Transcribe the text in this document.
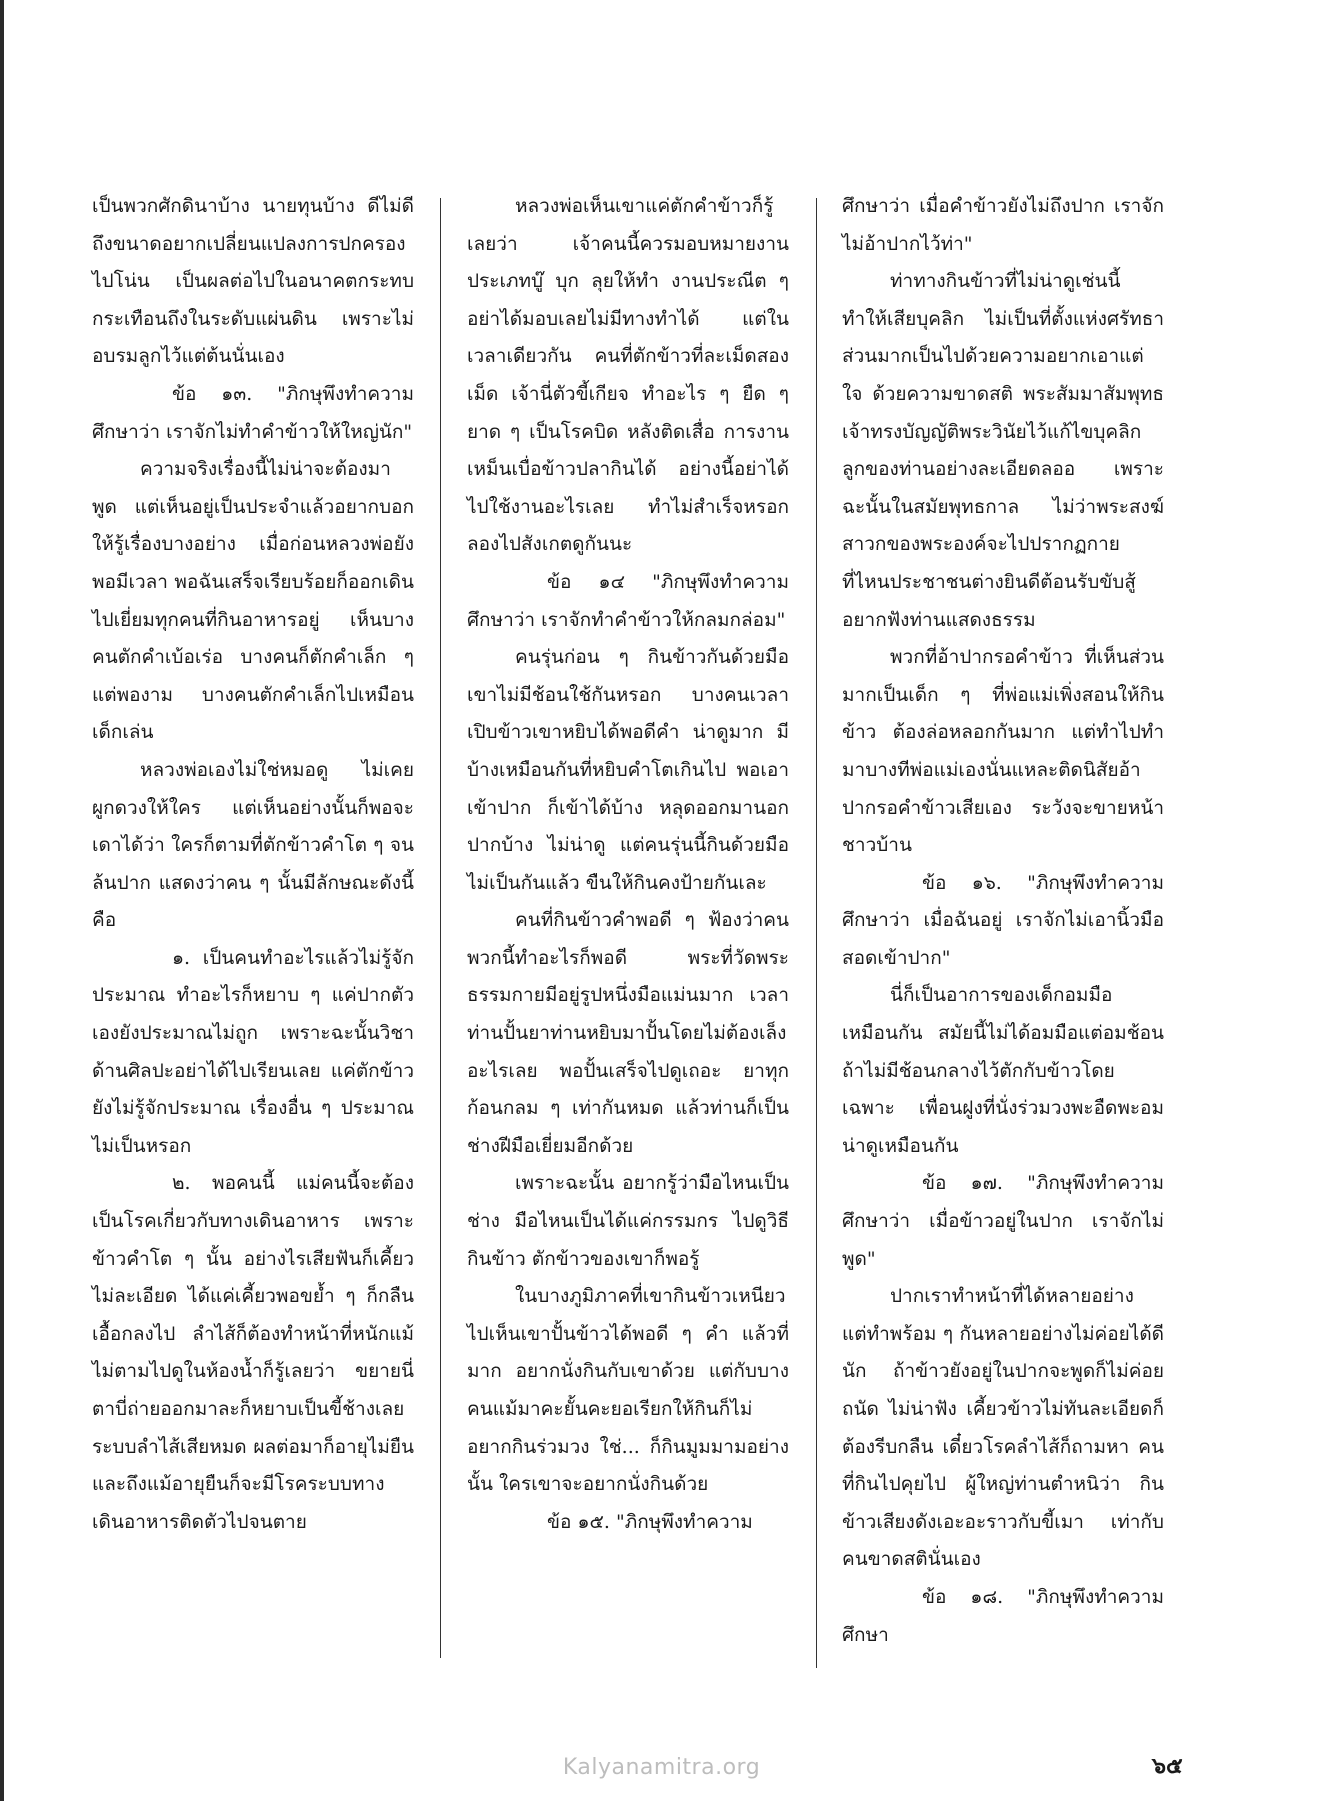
เป็นพวกศักดินาบ้าง นายทุนบ้าง ดีไม่ดีถึงขนาดอยากเปลี่ยนแปลงการปกครองไปโน่น เป็นผลต่อไปในอนาคตกระทบกระเทือนถึงในระดับแผ่นดิน เพราะไม่อบรมลูกไว้แต่ต้นนั่นเอง

ข้อ ๑๓. "ภิกษุพึงทำความศึกษาว่า เราจักไม่ทำคำข้าวให้ใหญ่นัก"

ความจริงเรื่องนี้ไม่น่าจะต้องมาพูด แต่เห็นอยู่เป็นประจำแล้วอยากบอกให้รู้เรื่องบางอย่าง เมื่อก่อนหลวงพ่อยังพอมีเวลา พอฉันเสร็จเรียบร้อยก็ออกเดินไปเยี่ยมทุกคนที่กินอาหารอยู่ เห็นบางคนตักคำเบ้อเร่อ บางคนก็ตักคำเล็ก ๆ แต่พองาม บางคนตักคำเล็กไปเหมือนเด็กเล่น

หลวงพ่อเองไม่ใช่หมอดู ไม่เคยผูกดวงให้ใคร แต่เห็นอย่างนั้นก็พอจะเดาได้ว่า ใครก็ตามที่ตักข้าวคำโต ๆ จนล้นปาก แสดงว่าคน ๆ นั้นมีลักษณะดังนี้ คือ

๑. เป็นคนทำอะไรแล้วไม่รู้จักประมาณ ทำอะไรก็หยาบ ๆ แค่ปากตัวเองยังประมาณไม่ถูก เพราะฉะนั้นวิชาด้านศิลปะอย่าได้ไปเรียนเลย แค่ตักข้าวยังไม่รู้จักประมาณ เรื่องอื่น ๆ ประมาณไม่เป็นหรอก

๒. พอคนนี้ แม่คนนี้จะต้องเป็นโรคเกี่ยวกับทางเดินอาหาร เพราะข้าวคำโต ๆ นั้น อย่างไรเสียฟันก็เคี้ยวไม่ละเอียด ได้แค่เคี้ยวพอขย้ำ ๆ ก็กลืนเอื้อกลงไป ลำไส้ก็ต้องทำหน้าที่หนักแม้ไม่ตามไปดูในห้องน้ำก็รู้เลยว่า ขยายนี่ตาบี่ถ่ายออกมาละก็หยาบเป็นขี้ช้างเลย ระบบลำไส้เสียหมด ผลต่อมาก็อายุไม่ยืน และถึงแม้อายุยืนก็จะมีโรคระบบทางเดินอาหารติดตัวไปจนตาย

หลวงพ่อเห็นเขาแค่ตักคำข้าวก็รู้เลยว่า เจ้าคนนี้ควรมอบหมายงานประเภทบู๊ บุก ลุยให้ทำ งานประณีต ๆ อย่าได้มอบเลยไม่มีทางทำได้ แต่ในเวลาเดียวกัน คนที่ตักข้าวที่ละเม็ดสองเม็ด เจ้านี่ตัวขี้เกียจ ทำอะไร ๆ ยืด ๆ ยาด ๆ เป็นโรคบิด หลังติดเสื่อ การงานเหม็นเบื่อข้าวปลากินได้ อย่างนี้อย่าได้ไปใช้งานอะไรเลย ทำไม่สำเร็จหรอก ลองไปสังเกตดูกันนะ

ข้อ ๑๔ "ภิกษุพึงทำความศึกษาว่า เราจักทำคำข้าวให้กลมกล่อม"

คนรุ่นก่อน ๆ กินข้าวกันด้วยมือ เขาไม่มีช้อนใช้กันหรอก บางคนเวลาเปิบข้าวเขาหยิบได้พอดีคำ น่าดูมาก มีบ้างเหมือนกันที่หยิบคำโตเกินไป พอเอาเข้าปาก ก็เข้าได้บ้าง หลุดออกมานอกปากบ้าง ไม่น่าดู แต่คนรุ่นนี้กินด้วยมือไม่เป็นกันแล้ว ขืนให้กินคงป้ายกันเละ

คนที่กินข้าวคำพอดี ๆ ฟ้องว่าคนพวกนี้ทำอะไรก็พอดี พระที่วัดพระธรรมกายมีอยู่รูปหนึ่งมือแม่นมาก เวลาท่านปั้นยาท่านหยิบมาปั้นโดยไม่ต้องเล็งอะไรเลย พอปั้นเสร็จไปดูเถอะ ยาทุกก้อนกลม ๆ เท่ากันหมด แล้วท่านก็เป็นช่างฝีมือเยี่ยมอีกด้วย

เพราะฉะนั้น อยากรู้ว่ามือไหนเป็นช่าง มือไหนเป็นได้แค่กรรมกร ไปดูวิธีกินข้าว ตักข้าวของเขาก็พอรู้

ในบางภูมิภาคที่เขากินข้าวเหนียว ไปเห็นเขาปั้นข้าวได้พอดี ๆ คำ แล้วที่มาก อยากนั่งกินกับเขาด้วย แต่กับบางคนแม้มาคะยั้นคะยอเรียกให้กินก็ไม่อยากกินร่วมวง ใช่... ก็กินมูมมามอย่างนั้น ใครเขาจะอยากนั่งกินด้วย

ข้อ ๑๕. "ภิกษุพึงทำความ

ศึกษาว่า เมื่อคำข้าวยังไม่ถึงปาก เราจักไม่อ้าปากไว้ท่า"

ท่าทางกินข้าวที่ไม่น่าดูเช่นนี้ ทำให้เสียบุคลิก ไม่เป็นที่ตั้งแห่งศรัทธา ส่วนมากเป็นไปด้วยความอยากเอาแต่ใจ ด้วยความขาดสติ พระสัมมาสัมพุทธเจ้าทรงบัญญัติพระวินัยไว้แก้ไขบุคลิกลูกของท่านอย่างละเอียดลออ เพราะฉะนั้นในสมัยพุทธกาล ไม่ว่าพระสงฆ์สาวกของพระองค์จะไปปรากฏกายที่ไหนประชาชนต่างยินดีต้อนรับขับสู้อยากฟังท่านแสดงธรรม

พวกที่อ้าปากรอคำข้าว ที่เห็นส่วนมากเป็นเด็ก ๆ ที่พ่อแม่เพิ่งสอนให้กินข้าว ต้องล่อหลอกกันมาก แต่ทำไปทำมาบางทีพ่อแม่เองนั่นแหละติดนิสัยอ้าปากรอคำข้าวเสียเอง ระวังจะขายหน้าชาวบ้าน

ข้อ ๑๖. "ภิกษุพึงทำความศึกษาว่า เมื่อฉันอยู่ เราจักไม่เอานิ้วมือสอดเข้าปาก"

นี่ก็เป็นอาการของเด็กอมมือเหมือนกัน สมัยนี้ไม่ได้อมมือแต่อมช้อน ถ้าไม่มีช้อนกลางไว้ตักกับข้าวโดยเฉพาะ เพื่อนฝูงที่นั่งร่วมวงพะอืดพะอมน่าดูเหมือนกัน

ข้อ ๑๗. "ภิกษุพึงทำความศึกษาว่า เมื่อข้าวอยู่ในปาก เราจักไม่พูด"

ปากเราทำหน้าที่ได้หลายอย่าง แต่ทำพร้อม ๆ กันหลายอย่างไม่ค่อยได้ดีนัก ถ้าข้าวยังอยู่ในปากจะพูดก็ไม่ค่อยถนัด ไม่น่าฟัง เคี้ยวข้าวไม่ทันละเอียดก็ต้องรีบกลืน เดี๋ยวโรคลำไส้ก็ถามหา คนที่กินไปคุยไป ผู้ใหญ่ท่านตำหนิว่า กินข้าวเสียงดังเอะอะราวกับขี้เมา เท่ากับคนขาดสตินั่นเอง

ข้อ ๑๘. "ภิกษุพึงทำความศึกษา

๖๕
Kalyanamitra.org
